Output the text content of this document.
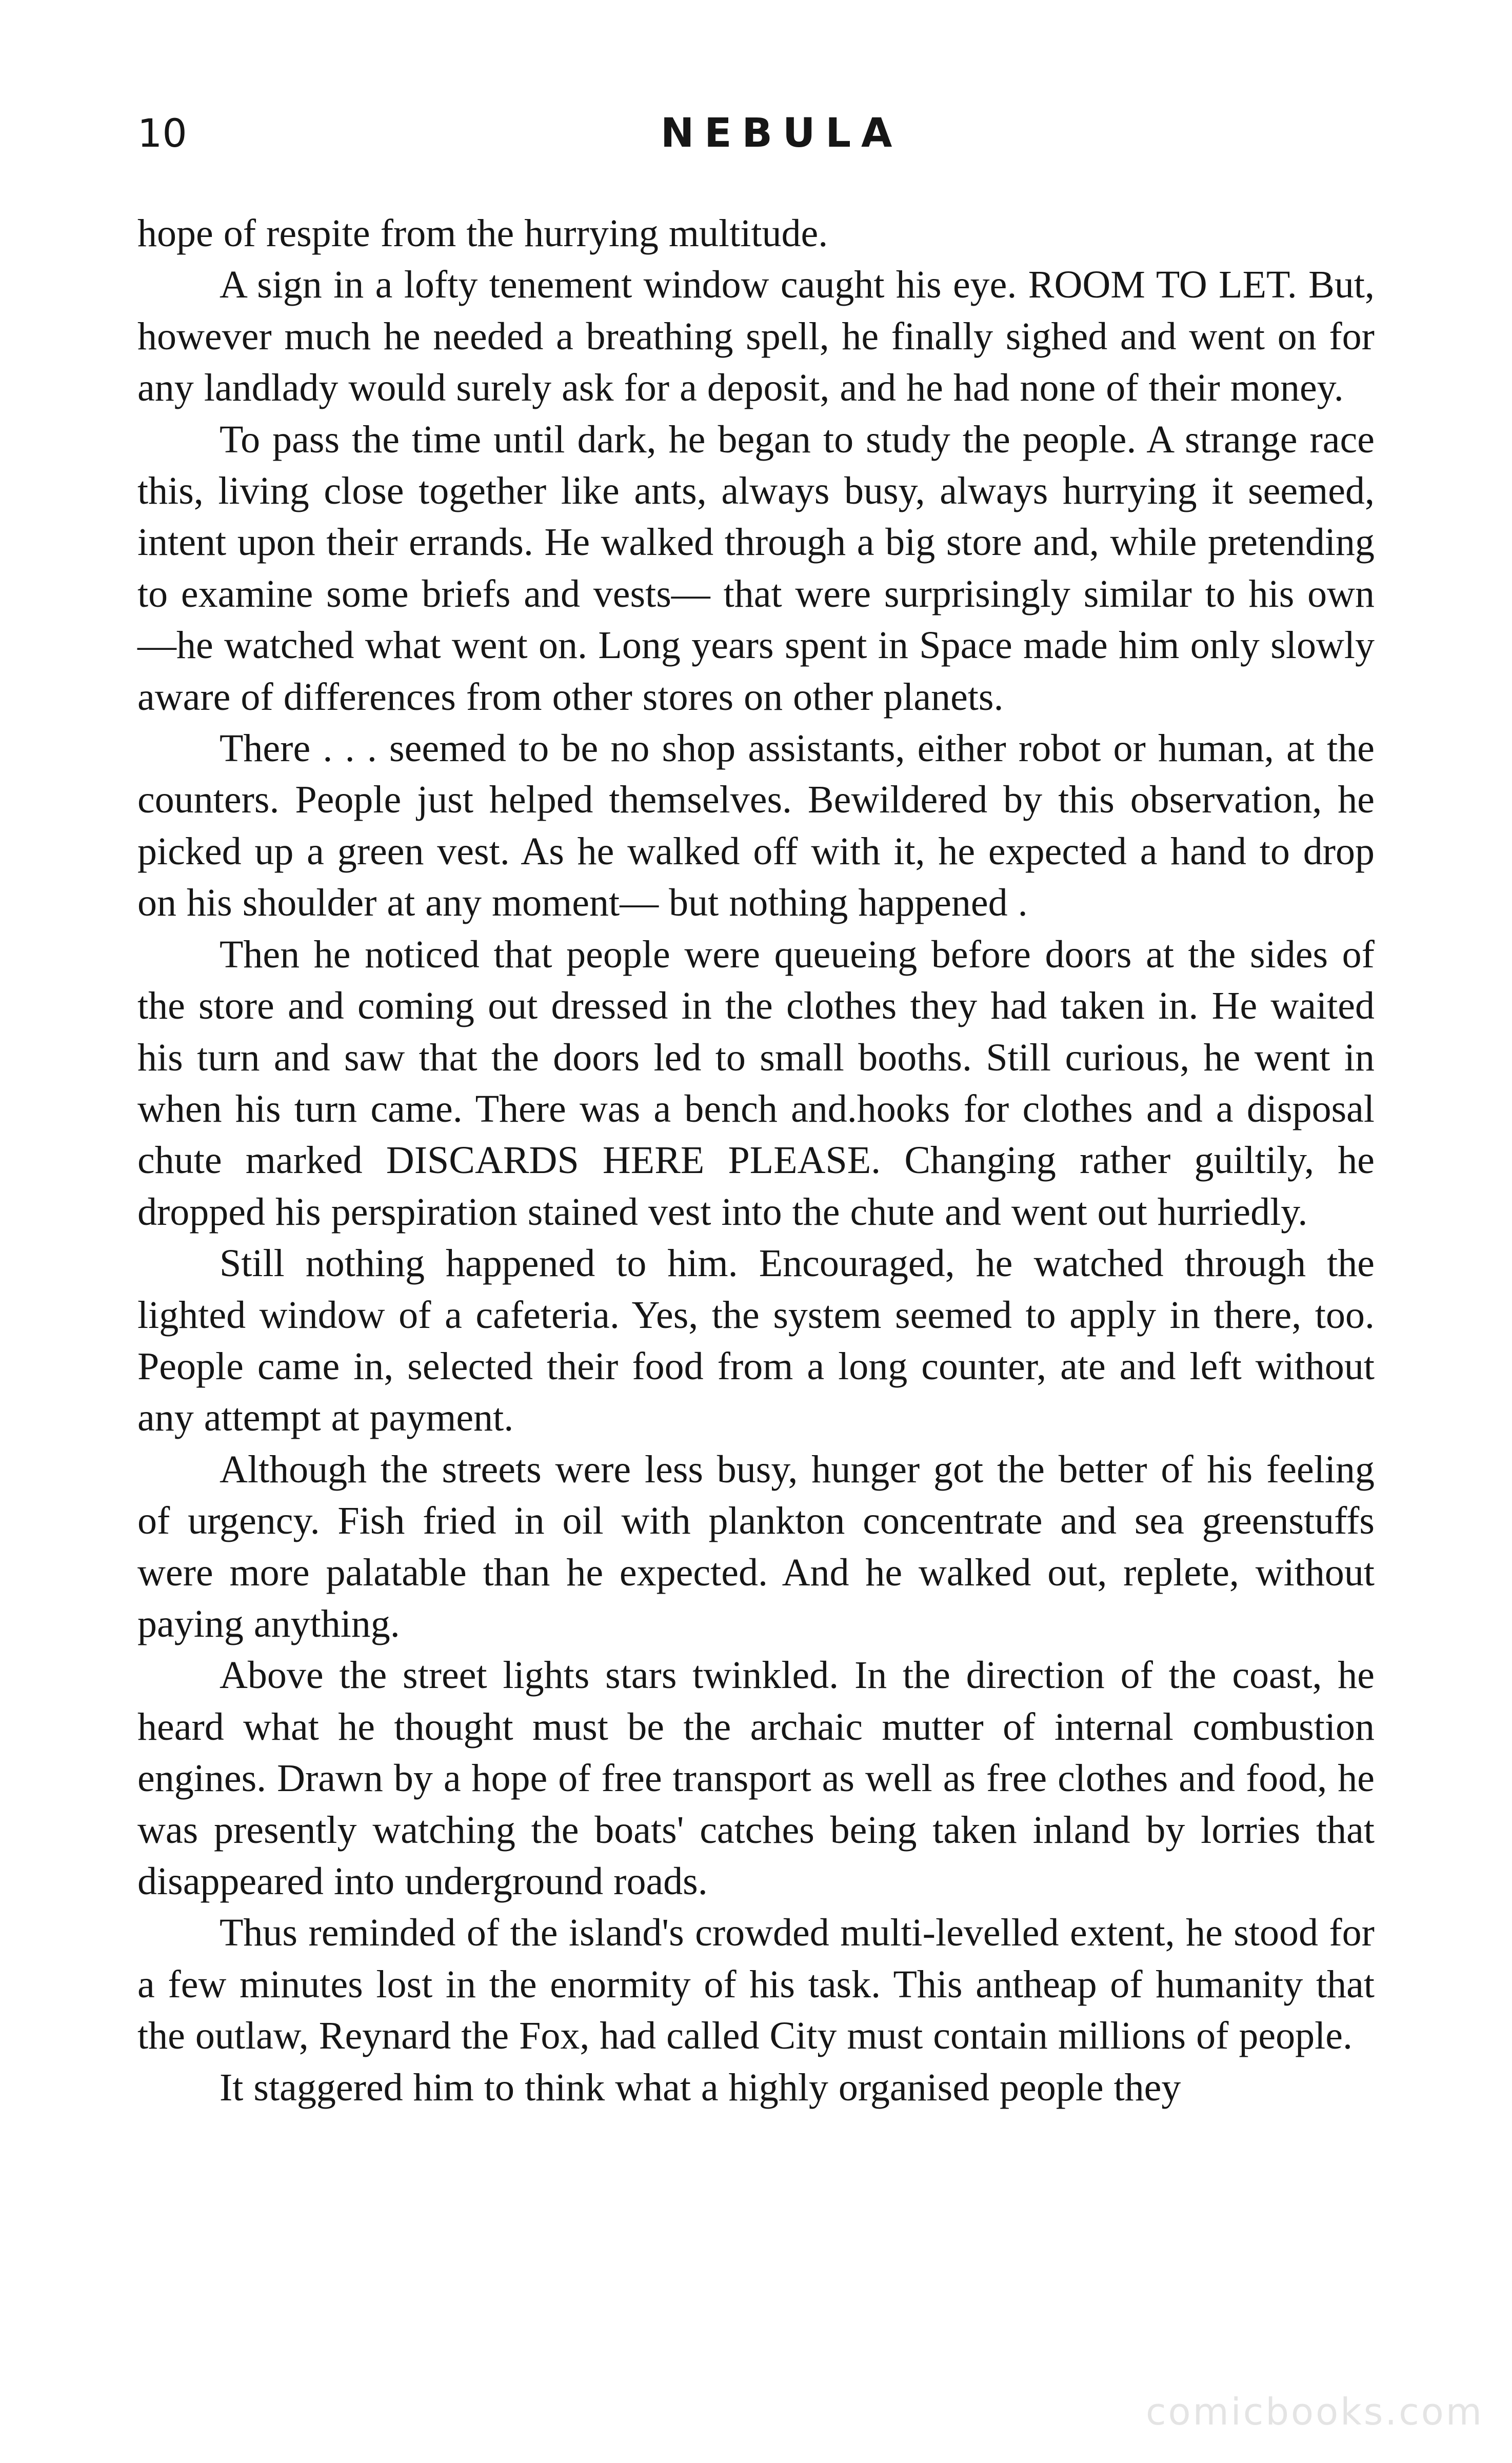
10	NEBULA

hope of respite from the hurrying multitude.

A sign in a lofty tenement window caught his eye. ROOM TO LET. But, however much he needed a breathing spell, he finally sighed and went on for any landlady would surely ask for a deposit, and he had none of their money.

To pass the time until dark, he began to study the people. A strange race this, living close together like ants, always busy, always hurrying it seemed, intent upon their errands. He walked through a big store and, while pretending to examine some briefs and vests— that were surprisingly similar to his own—he watched what went on. Long years spent in Space made him only slowly aware of differences from other stores on other planets.

There . . . seemed to be no shop assistants, either robot or human, at the counters. People just helped themselves. Bewildered by this observation, he picked up a green vest. As he walked off with it, he expected a hand to drop on his shoulder at any moment— but nothing happened .

Then he noticed that people were queueing before doors at the sides of the store and coming out dressed in the clothes they had taken in. He waited his turn and saw that the doors led to small booths. Still curious, he went in when his turn came. There was a bench and.hooks for clothes and a disposal chute marked DISCARDS HERE PLEASE. Changing rather guiltily, he dropped his perspiration stained vest into the chute and went out hurriedly.

Still nothing happened to him. Encouraged, he watched through the lighted window of a cafeteria. Yes, the system seemed to apply in there, too. People came in, selected their food from a long counter, ate and left without any attempt at payment.

Although the streets were less busy, hunger got the better of his feeling of urgency. Fish fried in oil with plankton concentrate and sea greenstuffs were more palatable than he expected. And he walked out, replete, without paying anything.

Above the street lights stars twinkled. In the direction of the coast, he heard what he thought must be the archaic mutter of internal combustion engines. Drawn by a hope of free transport as well as free clothes and food, he was presently watching the boats' catches being taken inland by lorries that disappeared into underground roads.

Thus reminded of the island's crowded multi-levelled extent, he stood for a few minutes lost in the enormity of his task. This antheap of humanity that the outlaw, Reynard the Fox, had called City must contain millions of people.

It staggered him to think what a highly organised people they

comicbooks.com
